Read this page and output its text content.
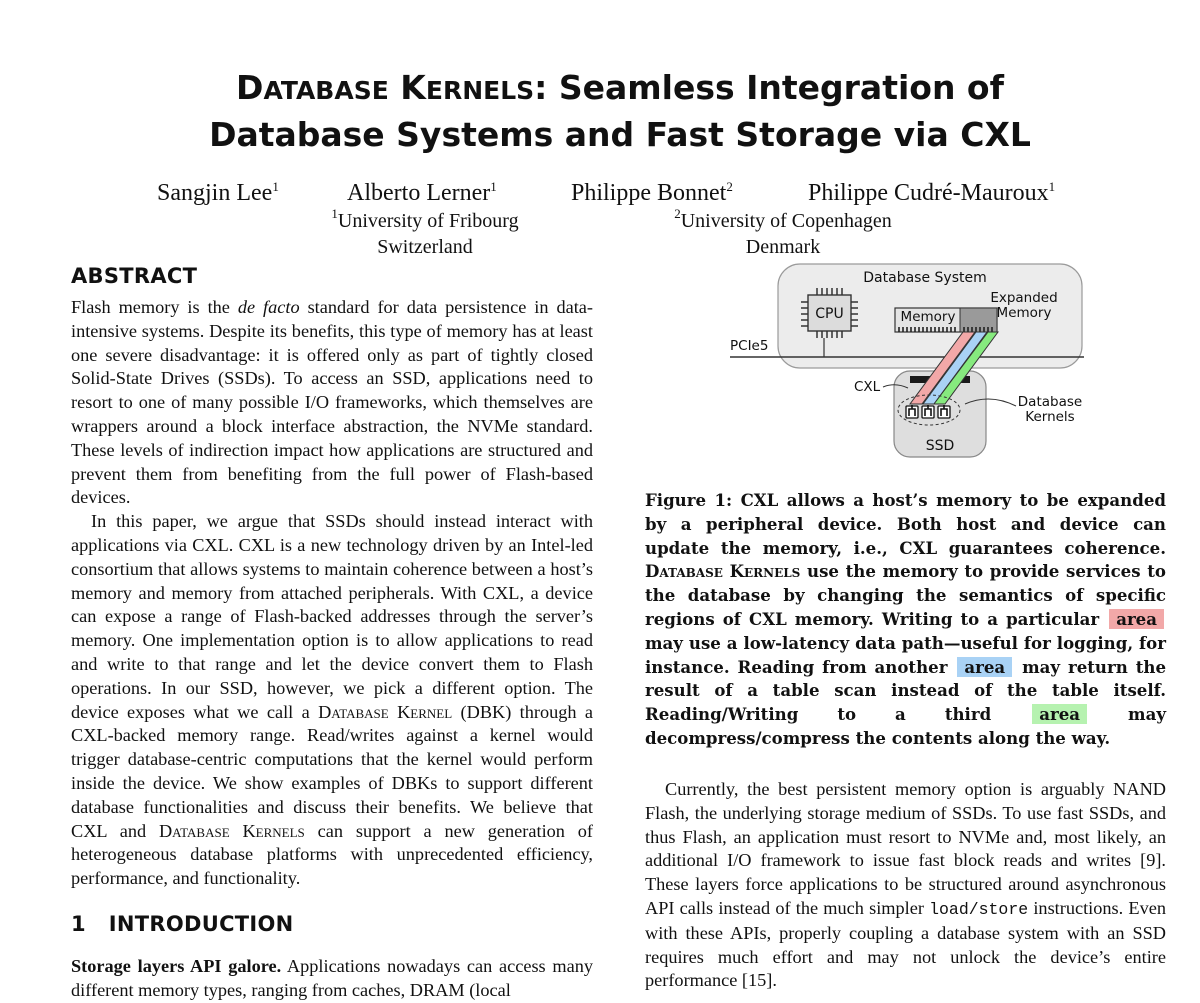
DATABASE KERNELS: Seamless Integration of
Database Systems and Fast Storage via CXL
Sangjin Lee$^1$	Alberto Lerner$^1$	Philippe Bonnet$^2$	Philippe Cudré-Mauroux$^1$
$^1$University of Fribourg
Switzerland
$^2$University of Copenhagen
Denmark
ABSTRACT

Flash memory is the de facto standard for data persistence in data-intensive systems. Despite its benefits, this type of memory has at least one severe disadvantage: it is offered only as part of tightly closed Solid-State Drives (SSDs). To access an SSD, applications need to resort to one of many possible I/O frameworks, which themselves are wrappers around a block interface abstraction, the NVMe standard. These levels of indirection impact how applications are structured and prevent them from benefiting from the full power of Flash-based devices.

In this paper, we argue that SSDs should instead interact with applications via CXL. CXL is a new technology driven by an Intel-led consortium that allows systems to maintain coherence between a host’s memory and memory from attached peripherals. With CXL, a device can expose a range of Flash-backed addresses through the server’s memory. One implementation option is to allow applications to read and write to that range and let the device convert them to Flash operations. In our SSD, however, we pick a different option. The device exposes what we call a Database Kernel (DBK) through a CXL-backed memory range. Read/writes against a kernel would trigger database-centric computations that the kernel would perform inside the device. We show examples of DBKs to support different database functionalities and discuss their benefits. We believe that CXL and Database Kernels can support a new generation of heterogeneous database platforms with unprecedented efficiency, performance, and functionality.

1 INTRODUCTION

Storage layers API galore. Applications nowadays can access many different memory types, ranging from caches, DRAM (local

Database System
CPU
PCIe5
Memory
Expanded
Memory
SSD
CXL
Database
Kernels
Figure 1: CXL allows a host’s memory to be expanded by a peripheral device. Both host and device can update the memory, i.e., CXL guarantees coherence. Database Kernels use the memory to provide services to the database by changing the semantics of specific regions of CXL memory. Writing to a particular area may use a low-latency data path—useful for logging, for instance. Reading from another area may return the result of a table scan instead of the table itself. Reading/Writing to a third area may decompress/compress the contents along the way.

Currently, the best persistent memory option is arguably NAND Flash, the underlying storage medium of SSDs. To use fast SSDs, and thus Flash, an application must resort to NVMe and, most likely, an additional I/O framework to issue fast block reads and writes [9]. These layers force applications to be structured around asynchronous API calls instead of the much simpler load/store instructions. Even with these APIs, properly coupling a database system with an SSD requires much effort and may not unlock the device’s entire performance [15].
